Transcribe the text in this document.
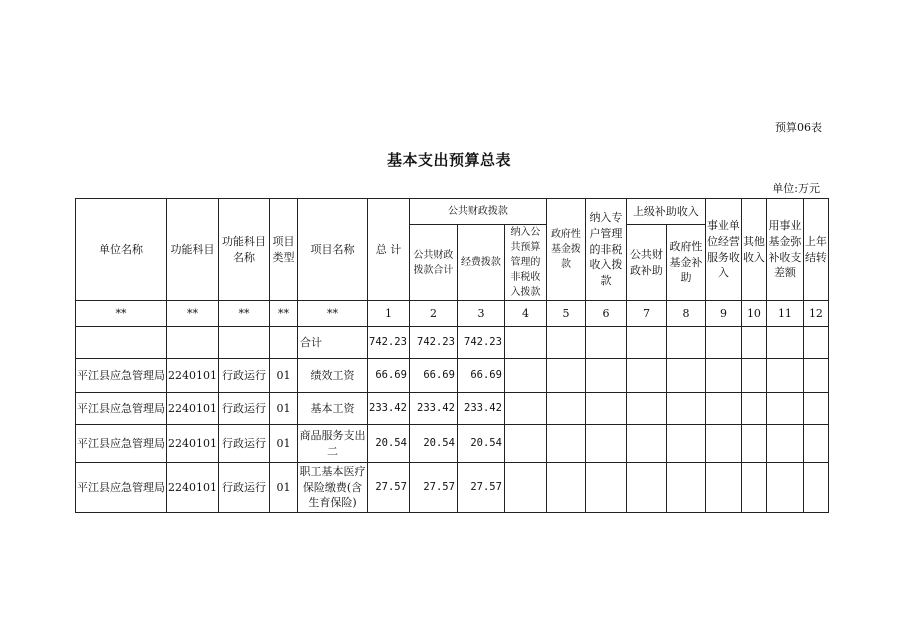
预算06表
基本支出预算总表
单位:万元
单位名称	功能科目	功能科目名称	项目类型	项目名称	总 计	公共财政拨款			政府性基金拨款	纳入专户管理的非税收入拨款	上级补助收入		事业单位经营服务收入	其他收入	用事业基金弥补收支差额	上年结转
						公共财政拨款合计	经费拨款	纳入公共预算管理的非税收入拨款			公共财政补助	政府性基金补助				
**	**	**	**	**	1	2	3	4	5	6	7	8	9	10	11	12
				合计	742.23	742.23	742.23									
平江县应急管理局	2240101	行政运行	01	绩效工资	66.69	66.69	66.69									
平江县应急管理局	2240101	行政运行	01	基本工资	233.42	233.42	233.42									
平江县应急管理局	2240101	行政运行	01	商品服务支出二	20.54	20.54	20.54									
平江县应急管理局	2240101	行政运行	01	职工基本医疗保险缴费(含生育保险)	27.57	27.57	27.57									
